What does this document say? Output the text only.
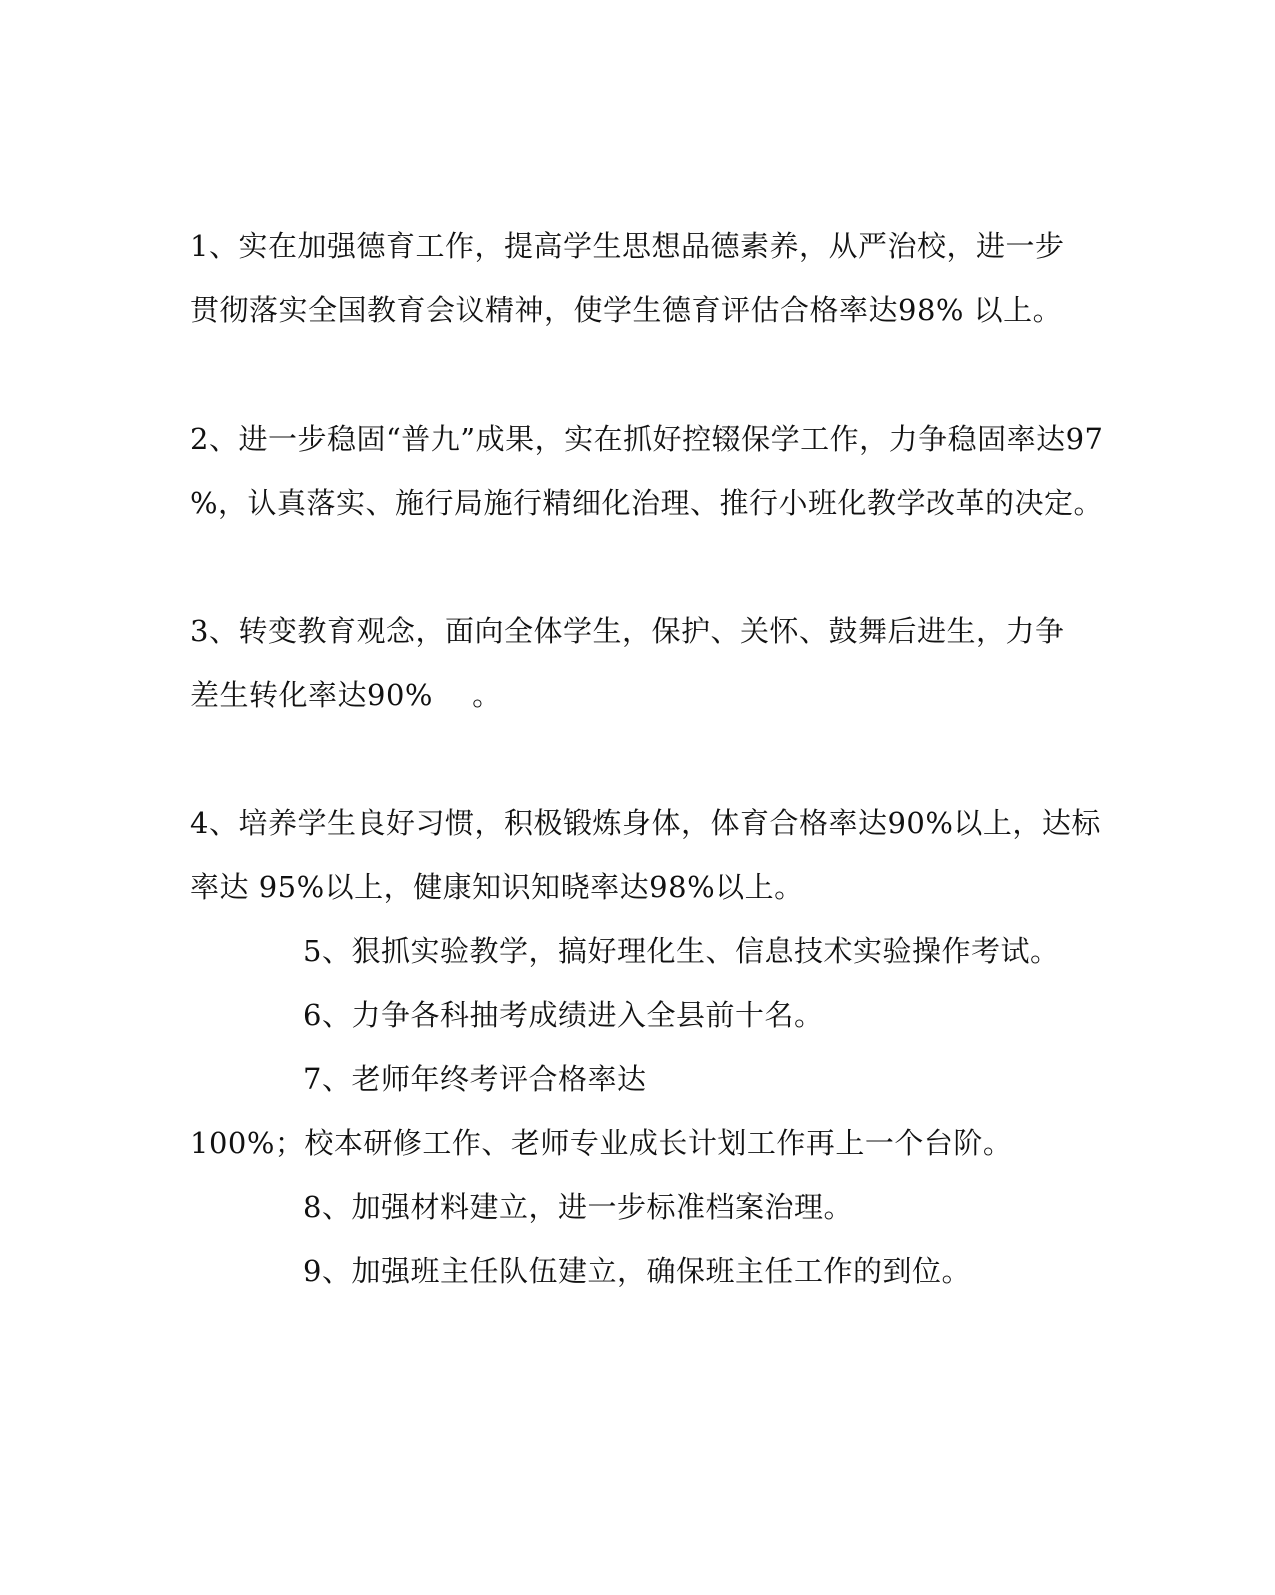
1、实在加强德育工作，提高学生思想品德素养，从严治校，进一步
贯彻落实全国教育会议精神，使学生德育评估合格率达98% 以上。
2、进一步稳固“普九”成果，实在抓好控辍保学工作，力争稳固率达97
%，认真落实、施行局施行精细化治理、推行小班化教学改革的决定。
3、转变教育观念，面向全体学生，保护、关怀、鼓舞后进生，力争
差生转化率达90%　 。
4、培养学生良好习惯，积极锻炼身体，体育合格率达90%以上，达标
率达 95%以上，健康知识知晓率达98%以上。
5、狠抓实验教学，搞好理化生、信息技术实验操作考试。
6、力争各科抽考成绩进入全县前十名。
7、老师年终考评合格率达
100%；校本研修工作、老师专业成长计划工作再上一个台阶。
8、加强材料建立，进一步标准档案治理。
9、加强班主任队伍建立，确保班主任工作的到位。
